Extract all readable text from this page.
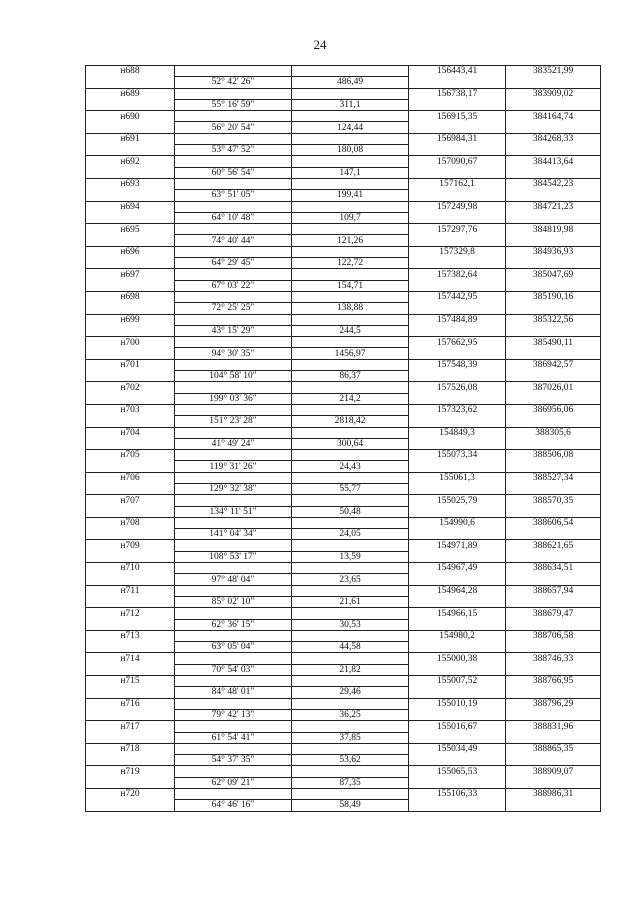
24
н688			156443,41	383521,99
	52° 42' 26"	486,49		
н689			156738,17	383909,02
	55° 16' 59"	311,1		
н690			156915,35	384164,74
	56° 20' 54"	124,44		
н691			156984,31	384268,33
	53° 47' 52"	180,08		
н692			157090,67	384413,64
	60° 56' 54"	147,1		
н693			157162,1	384542,23
	63° 51' 05"	199,41		
н694			157249,98	384721,23
	64° 10' 48"	109,7		
н695			157297,76	384819,98
	74° 40' 44"	121,26		
н696			157329,8	384936,93
	64° 29' 45"	122,72		
н697			157382,64	385047,69
	67° 03' 22"	154,71		
н698			157442,95	385190,16
	72° 25' 25"	138,88		
н699			157484,89	385322,56
	43° 15' 29"	244,5		
н700			157662,95	385490,11
	94° 30' 35"	1456,97		
н701			157548,39	386942,57
	104° 58' 10"	86,37		
н702			157526,08	387026,01
	199° 03' 36"	214,2		
н703			157323,62	386956,06
	151° 23' 28"	2818,42		
н704			154849,3	388305,6
	41° 49' 24"	300,64		
н705			155073,34	388506,08
	119° 31' 26"	24,43		
н706			155061,3	388527,34
	129° 32' 38"	55,77		
н707			155025,79	388570,35
	134° 11' 51"	50,48		
н708			154990,6	388606,54
	141° 04' 34"	24,05		
н709			154971,89	388621,65
	108° 53' 17"	13,59		
н710			154967,49	388634,51
	97° 48' 04"	23,65		
н711			154964,28	388657,94
	85° 02' 10"	21,61		
н712			154966,15	388679,47
	62° 36' 15"	30,53		
н713			154980,2	388706,58
	63° 05' 04"	44,58		
н714			155000,38	388746,33
	70° 54' 03"	21,82		
н715			155007,52	388766,95
	84° 48' 01"	29,46		
н716			155010,19	388796,29
	79° 42' 13"	36,25		
н717			155016,67	388831,96
	61° 54' 41"	37,85		
н718			155034,49	388865,35
	54° 37' 35"	53,62		
н719			155065,53	388909,07
	62° 09' 21"	87,35		
н720			155106,33	388986,31
	64° 46' 16"	58,49		
